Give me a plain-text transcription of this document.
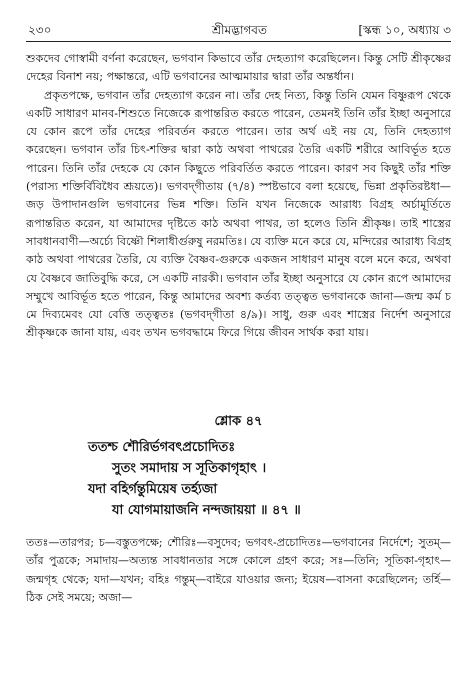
২৩০	শ্রীমদ্ভাগবত	[স্কন্ধ ১০, অধ্যায় ৩

শুকদেব গোস্বামী বর্ণনা করেছেন, ভগবান কিভাবে তাঁর দেহত্যাগ করেছিলেন। কিন্তু সেটি শ্রীকৃষ্ণের দেহের বিনাশ নয়; পক্ষান্তরে, এটি ভগবানের আত্মমায়ার দ্বারা তাঁর অন্তর্ধান।

প্রকৃতপক্ষে, ভগবান তাঁর দেহত্যাগ করেন না। তাঁর দেহ নিত্য, কিন্তু তিনি যেমন বিষ্ণুরূপ থেকে একটি সাধারণ মানব-শিশুতে নিজেকে রূপান্তরিত করতে পারেন, তেমনই তিনি তাঁর ইচ্ছা অনুসারে যে কোন রূপে তাঁর দেহের পরিবর্তন করতে পারেন। তার অর্থ এই নয় যে, তিনি দেহত্যাগ করেছেন। ভগবান তাঁর চিৎ-শক্তির দ্বারা কাঠ অথবা পাথরের তৈরি একটি শরীরে আবির্ভূত হতে পারেন। তিনি তাঁর দেহকে যে কোন কিছুতে পরিবর্তিত করতে পারেন। কারণ সব কিছুই তাঁর শক্তি (পরাস্য শক্তির্বিবিধৈব শ্রূয়তে)। ভগবদ্‌গীতায় (৭/৪) স্পষ্টভাবে বলা হয়েছে, ভিন্না প্রকৃতিরষ্টধা—জড় উপাদানগুলি ভগবানের ভিন্ন শক্তি। তিনি যখন নিজেকে আরাধ্য বিগ্রহ অর্চামূর্তিতে রূপান্তরিত করেন, যা আমাদের দৃষ্টিতে কাঠ অথবা পাথর, তা হলেও তিনি শ্রীকৃষ্ণ। তাই শাস্ত্রের সাবধানবাণী—অর্চ্যে বিষ্ণৌ শিলাধীর্গুরুষু নরমতিঃ। যে ব্যক্তি মনে করে যে, মন্দিরের আরাধ্য বিগ্রহ কাঠ অথবা পাথরের তৈরি, যে ব্যক্তি বৈষ্ণব-গুরুকে একজন সাধারণ মানুষ বলে মনে করে, অথবা যে বৈষ্ণবে জাতিবুদ্ধি করে, সে একটি নারকী। ভগবান তাঁর ইচ্ছা অনুসারে যে কোন রূপে আমাদের সম্মুখে আবির্ভূত হতে পারেন, কিন্তু আমাদের অবশ্য কর্তব্য তত্ত্বত ভগবানকে জানা—জন্ম কর্ম চ মে দিব্যমেবং যো বেত্তি তত্ত্বতঃ (ভগবদ্‌গীতা ৪/৯)। সাধু, গুরু এবং শাস্ত্রের নির্দেশ অনুসারে শ্রীকৃষ্ণকে জানা যায়, এবং তখন ভগবদ্ধামে ফিরে গিয়ে জীবন সার্থক করা যায়।

শ্লোক ৪৭
ততশ্চ শৌরির্ভগবৎপ্রচোদিতঃ
সুতং সমাদায় স সূতিকাগৃহাৎ ।
যদা বহির্গন্তুমিয়েষ তর্হ্যজা
যা যোগমায়াজনি নন্দজায়য়া ॥ ৪৭ ॥

ততঃ—তারপর; চ—বস্তুতপক্ষে; শৌরিঃ—বসুদেব; ভগবৎ-প্রচোদিতঃ—ভগবানের নির্দেশে; সুতম্—তাঁর পুত্রকে; সমাদায়—অত্যন্ত সাবধানতার সঙ্গে কোলে গ্রহণ করে; সঃ—তিনি; সূতিকা-গৃহাৎ—জন্মগৃহ থেকে; যদা—যখন; বহিঃ গন্তুম্—বাইরে যাওয়ার জন্য; ইয়েষ—বাসনা করেছিলেন; তর্হি—ঠিক সেই সময়ে; অজা—
